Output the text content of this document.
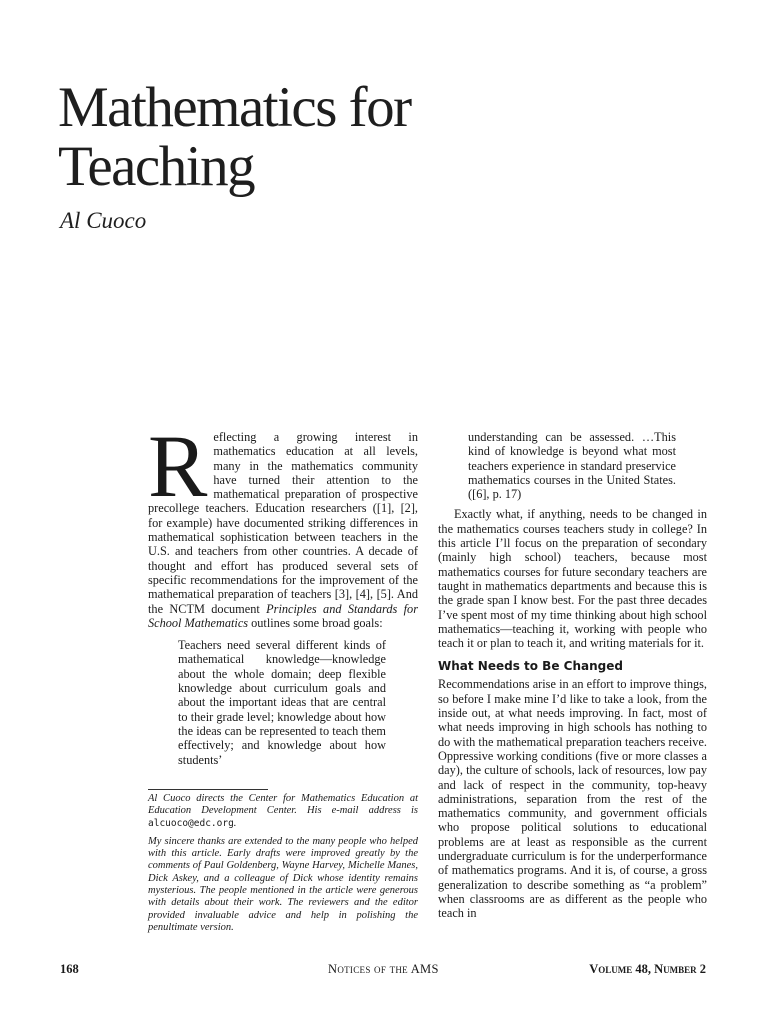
Mathematics for
Teaching
Al Cuoco

Reflecting a growing interest in mathematics education at all levels, many in the mathematics community have turned their attention to the mathematical preparation of prospective precollege teachers. Education researchers ([1], [2], for example) have documented striking differences in mathematical sophistication between teachers in the U.S. and teachers from other countries. A decade of thought and effort has produced several sets of specific recommendations for the improvement of the mathematical preparation of teachers [3], [4], [5]. And the NCTM document Principles and Standards for School Mathematics outlines some broad goals:

Teachers need several different kinds of mathematical knowledge—knowledge about the whole domain; deep flexible knowledge about curriculum goals and about the important ideas that are central to their grade level; knowledge about how the ideas can be represented to teach them effectively; and knowledge about how students’

Al Cuoco directs the Center for Mathematics Education at Education Development Center. His e-mail address is alcuoco@edc.org.

My sincere thanks are extended to the many people who helped with this article. Early drafts were improved greatly by the comments of Paul Goldenberg, Wayne Harvey, Michelle Manes, Dick Askey, and a colleague of Dick whose identity remains mysterious. The people mentioned in the article were generous with details about their work. The reviewers and the editor provided invaluable advice and help in polishing the penultimate version.

understanding can be assessed. …This kind of knowledge is beyond what most teachers experience in standard preservice mathematics courses in the United States. ([6], p. 17)

Exactly what, if anything, needs to be changed in the mathematics courses teachers study in college? In this article I’ll focus on the preparation of secondary (mainly high school) teachers, because most mathematics courses for future secondary teachers are taught in mathematics departments and because this is the grade span I know best. For the past three decades I’ve spent most of my time thinking about high school mathematics—teaching it, working with people who teach it or plan to teach it, and writing materials for it.

What Needs to Be Changed

Recommendations arise in an effort to improve things, so before I make mine I’d like to take a look, from the inside out, at what needs improving. In fact, most of what needs improving in high schools has nothing to do with the mathematical preparation teachers receive. Oppressive working conditions (five or more classes a day), the culture of schools, lack of resources, low pay and lack of respect in the community, top-heavy administrations, separation from the rest of the mathematics community, and government officials who propose political solutions to educational problems are at least as responsible as the current undergraduate curriculum is for the underperformance of mathematics programs. And it is, of course, a gross generalization to describe something as “a problem” when classrooms are as different as the people who teach in

168	Notices of the AMS	Volume 48, Number 2
